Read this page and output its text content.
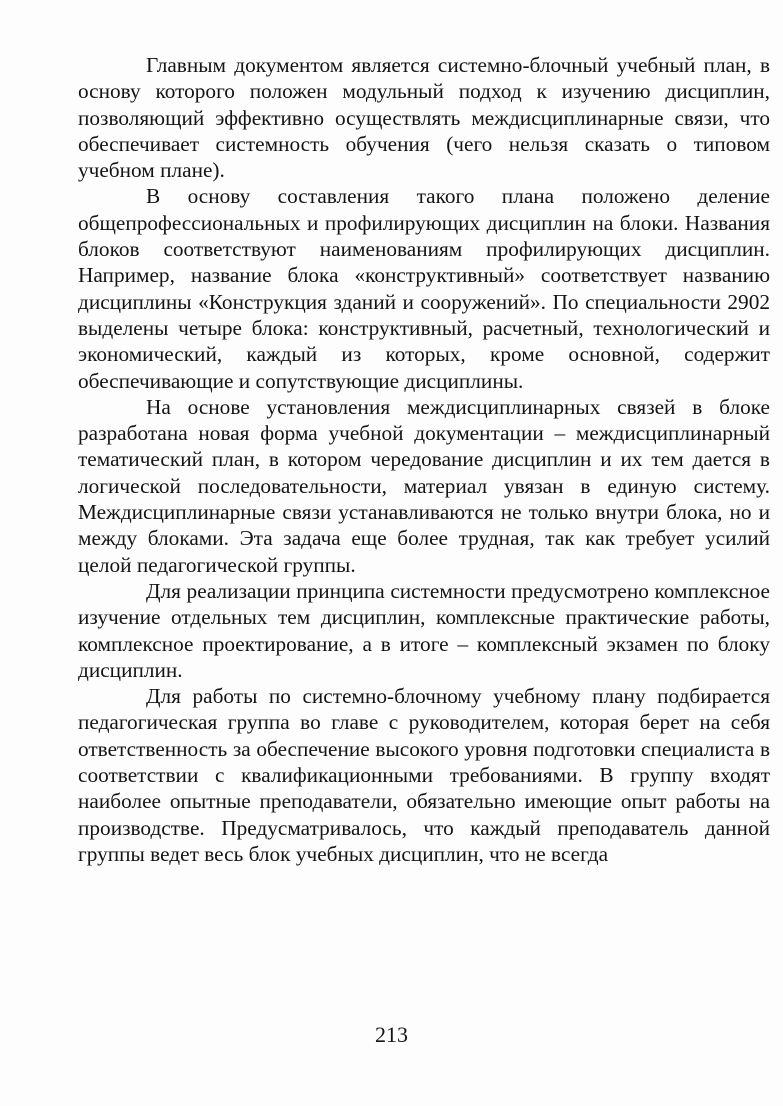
Главным документом является системно-блочный учебный план, в основу которого положен модульный подход к изучению дисциплин, позволяющий эффективно осуществлять междисциплинарные связи, что обеспечивает системность обучения (чего нельзя сказать о типовом учебном плане).

В основу составления такого плана положено деление общепрофессиональных и профилирующих дисциплин на блоки. Названия блоков соответствуют наименованиям профилирующих дисциплин. Например, название блока «конструктивный» соответствует названию дисциплины «Конструкция зданий и сооружений». По специальности 2902 выделены четыре блока: конструктивный, расчетный, технологический и экономический, каждый из которых, кроме основной, содержит обеспечивающие и сопутствующие дисциплины.

На основе установления междисциплинарных связей в блоке разработана новая форма учебной документации – междисциплинарный тематический план, в котором чередование дисциплин и их тем дается в логической последовательности, материал увязан в единую систему. Междисциплинарные связи устанавливаются не только внутри блока, но и между блоками. Эта задача еще более трудная, так как требует усилий целой педагогической группы.

Для реализации принципа системности предусмотрено комплексное изучение отдельных тем дисциплин, комплексные практические работы, комплексное проектирование, а в итоге – комплексный экзамен по блоку дисциплин.

Для работы по системно-блочному учебному плану подбирается педагогическая группа во главе с руководителем, которая берет на себя ответственность за обеспечение высокого уровня подготовки специалиста в соответствии с квалификационными требованиями. В группу входят наиболее опытные преподаватели, обязательно имеющие опыт работы на производстве. Предусматривалось, что каждый преподаватель данной группы ведет весь блок учебных дисциплин, что не всегда

213
